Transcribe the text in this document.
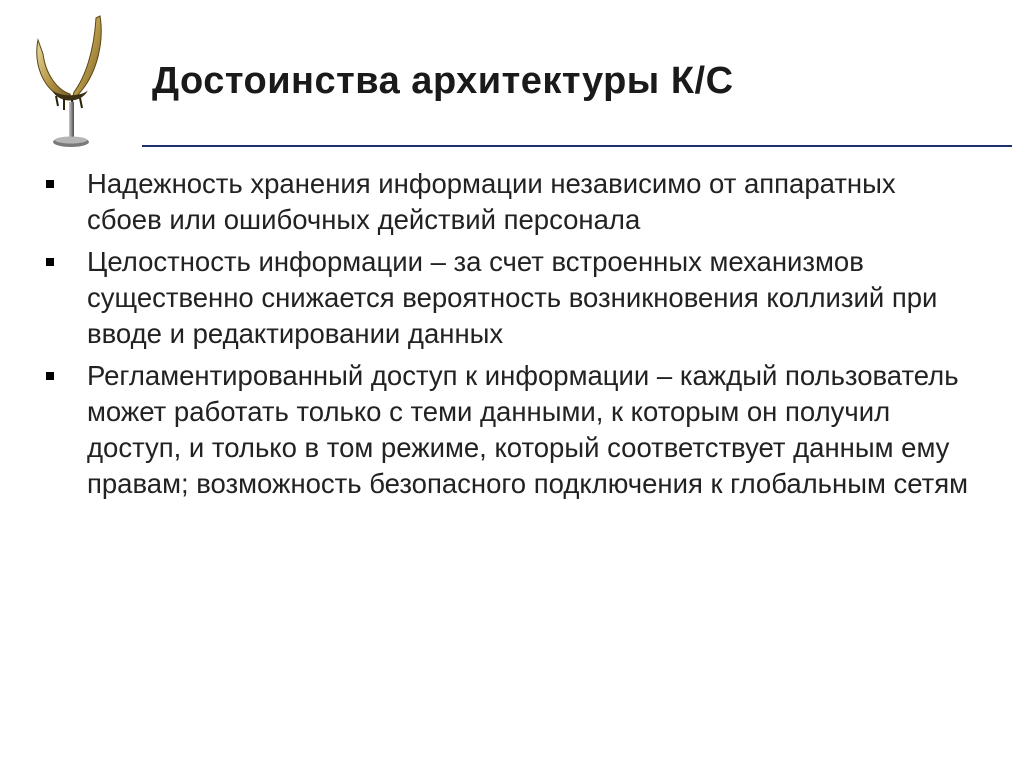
Достоинства архитектуры К/С
Надежность хранения информации независимо от аппаратных сбоев или ошибочных действий персонала
Целостность информации – за счет встроенных механизмов существенно снижается вероятность возникновения коллизий при вводе и редактировании данных
Регламентированный доступ к информации – каждый пользователь может работать только с теми данными, к которым он получил доступ, и только в том режиме, который соответствует данным ему правам; возможность безопасного подключения к глобальным сетям
